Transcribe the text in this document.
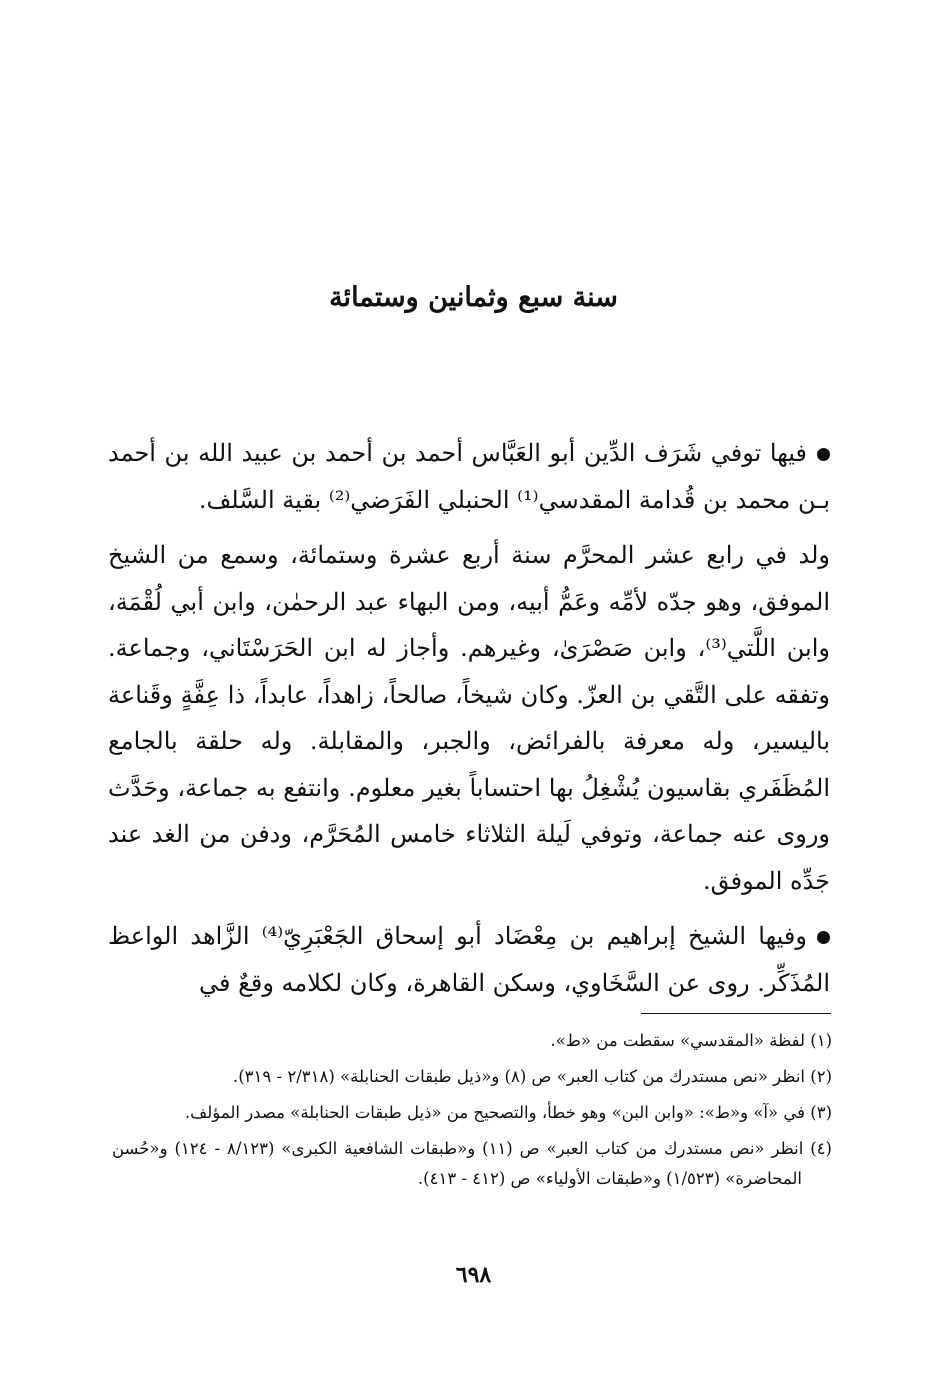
سنة سبع وثمانين وستمائة

فيها توفي شَرَف الدِّين أبو العَبَّاس أحمد بن أحمد بن عبيد الله بن أحمد بـن محمد بن قُدامة المقدسي⁽¹⁾ الحنبلي الفَرَضي⁽²⁾ بقية السَّلف.

ولد في رابع عشر المحرَّم سنة أربع عشرة وستمائة، وسمع من الشيخ الموفق، وهو جدّه لأمِّه وعَمُّ أبيه، ومن البهاء عبد الرحمٰن، وابن أبي لُقْمَة، وابن اللَّتي⁽³⁾، وابن صَصْرَىٰ، وغيرهم. وأجاز له ابن الحَرَسْتَاني، وجماعة. وتفقه على التَّقي بن العزّ. وكان شيخاً، صالحاً، زاهداً، عابداً، ذا عِفَّةٍ وقَناعة باليسير، وله معرفة بالفرائض، والجبر، والمقابلة. وله حلقة بالجامع المُظَفَري بقاسيون يُشْغِلُ بها احتساباً بغير معلوم. وانتفع به جماعة، وحَدَّث وروى عنه جماعة، وتوفي لَيلة الثلاثاء خامس المُحَرَّم، ودفن من الغد عند جَدِّه الموفق.

وفيها الشيخ إبراهيم بن مِعْضَاد أبو إسحاق الجَعْبَرِيّ⁽⁴⁾ الزَّاهد الواعظ المُذَكِّر. روى عن السَّخَاوي، وسكن القاهرة، وكان لكلامه وقعٌ في

(١) لفظة «المقدسي» سقطت من «ط».

(٢) انظر «نص مستدرك من كتاب العبر» ص (٨) و«ذيل طبقات الحنابلة» (٢/٣١٨ - ٣١٩).

(٣) في «آ» و«ط»: «وابن البن» وهو خطأ، والتصحيح من «ذيل طبقات الحنابلة» مصدر المؤلف.

(٤) انظر «نص مستدرك من كتاب العبر» ص (١١) و«طبقات الشافعية الكبرى» (٨/١٢٣ - ١٢٤) و«حُسن المحاضرة» (١/٥٢٣) و«طبقات الأولياء» ص (٤١٢ - ٤١٣).

٦٩٨
